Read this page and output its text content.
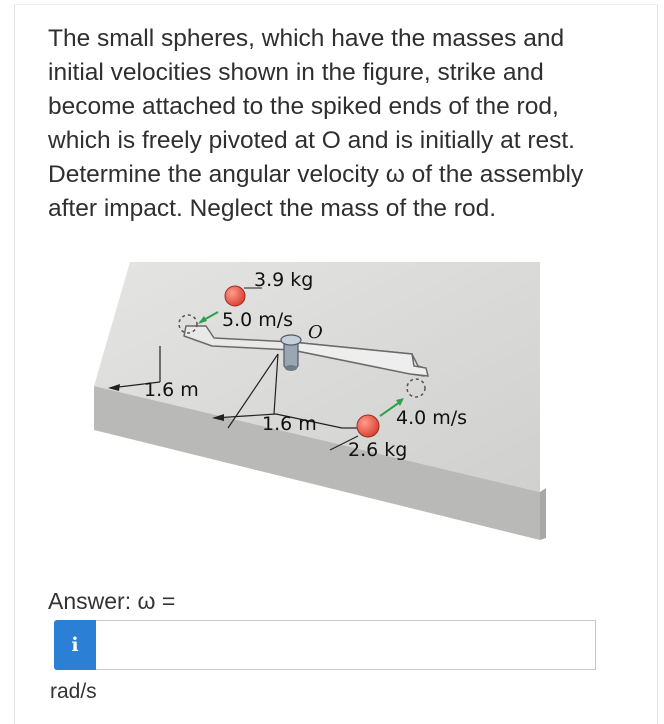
The small spheres, which have the masses and initial velocities shown in the figure, strike and become attached to the spiked ends of the rod, which is freely pivoted at O and is initially at rest. Determine the angular velocity ω of the assembly after impact. Neglect the mass of the rod.

3.9 kg
5.0 m/s
O
1.6 m
1.6 m	4.0 m/s
2.6 kg

Answer: ω =

i

rad/s
